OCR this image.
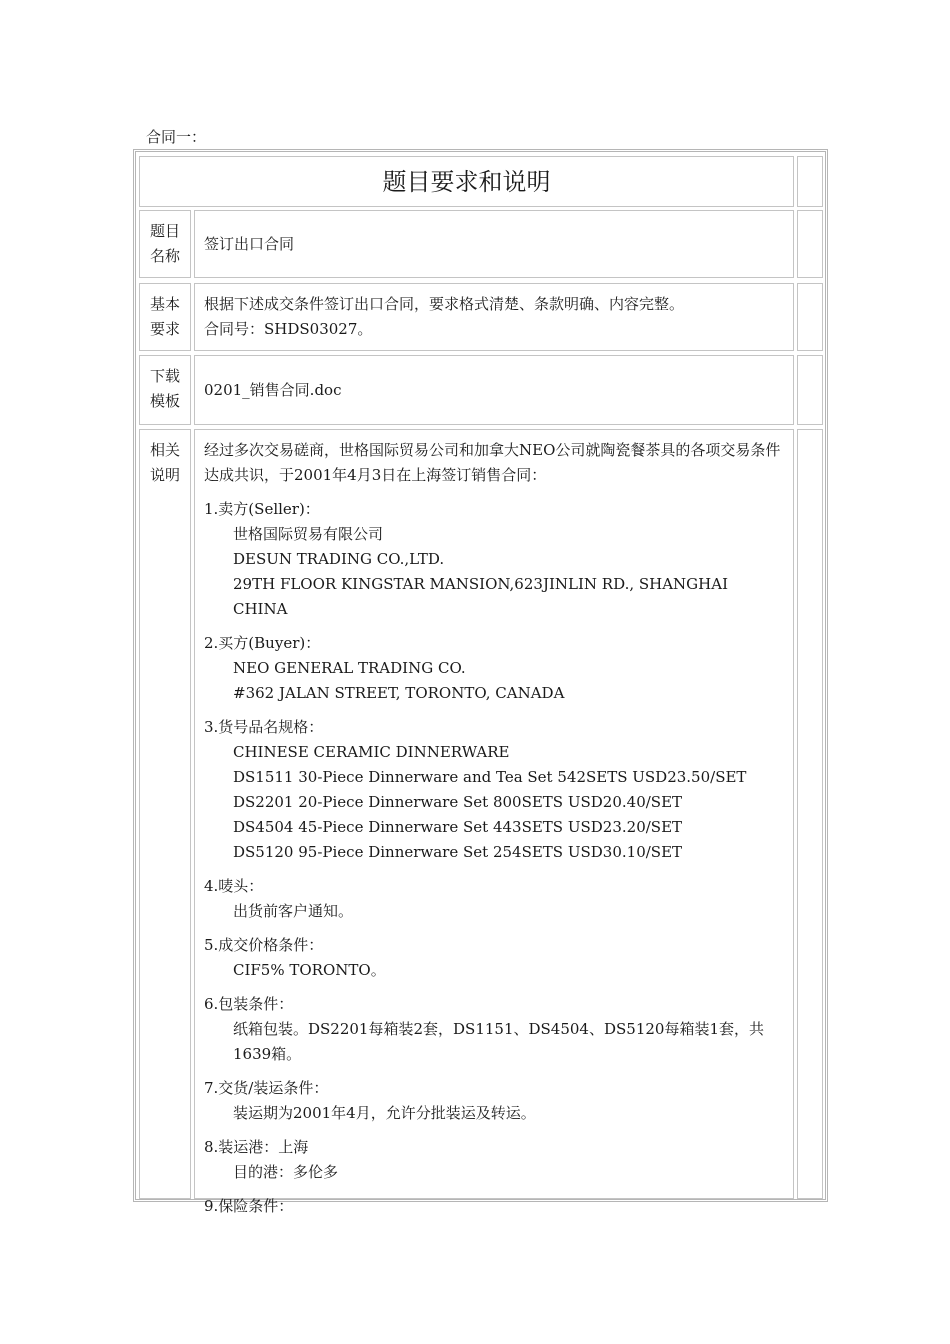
合同一：
题目要求和说明
题目名称
签订出口合同
基本要求

根据下述成交条件签订出口合同，要求格式清楚、条款明确、内容完整。

合同号：SHDS03027。

下载模板
0201_销售合同.doc
相关说明

经过多次交易磋商，世格国际贸易公司和加拿大NEO公司就陶瓷餐茶具的各项交易条件达成共识，于2001年4月3日在上海签订销售合同：

1.卖方(Seller)：

世格国际贸易有限公司

DESUN TRADING CO.,LTD.

29TH FLOOR KINGSTAR MANSION,623JINLIN RD., SHANGHAI CHINA

2.买方(Buyer)：

NEO GENERAL TRADING CO.

#362 JALAN STREET, TORONTO, CANADA

3.货号品名规格：

CHINESE CERAMIC DINNERWARE

DS1511 30-Piece Dinnerware and Tea Set 542SETS USD23.50/SET

DS2201 20-Piece Dinnerware Set 800SETS USD20.40/SET

DS4504 45-Piece Dinnerware Set 443SETS USD23.20/SET

DS5120 95-Piece Dinnerware Set 254SETS USD30.10/SET

4.唛头：

出货前客户通知。

5.成交价格条件：

CIF5% TORONTO。

6.包装条件：

纸箱包装。DS2201每箱装2套，DS1151、DS4504、DS5120每箱装1套，共1639箱。

7.交货/装运条件：

装运期为2001年4月，允许分批装运及转运。

8.装运港：上海

目的港：多伦多

9.保险条件：
